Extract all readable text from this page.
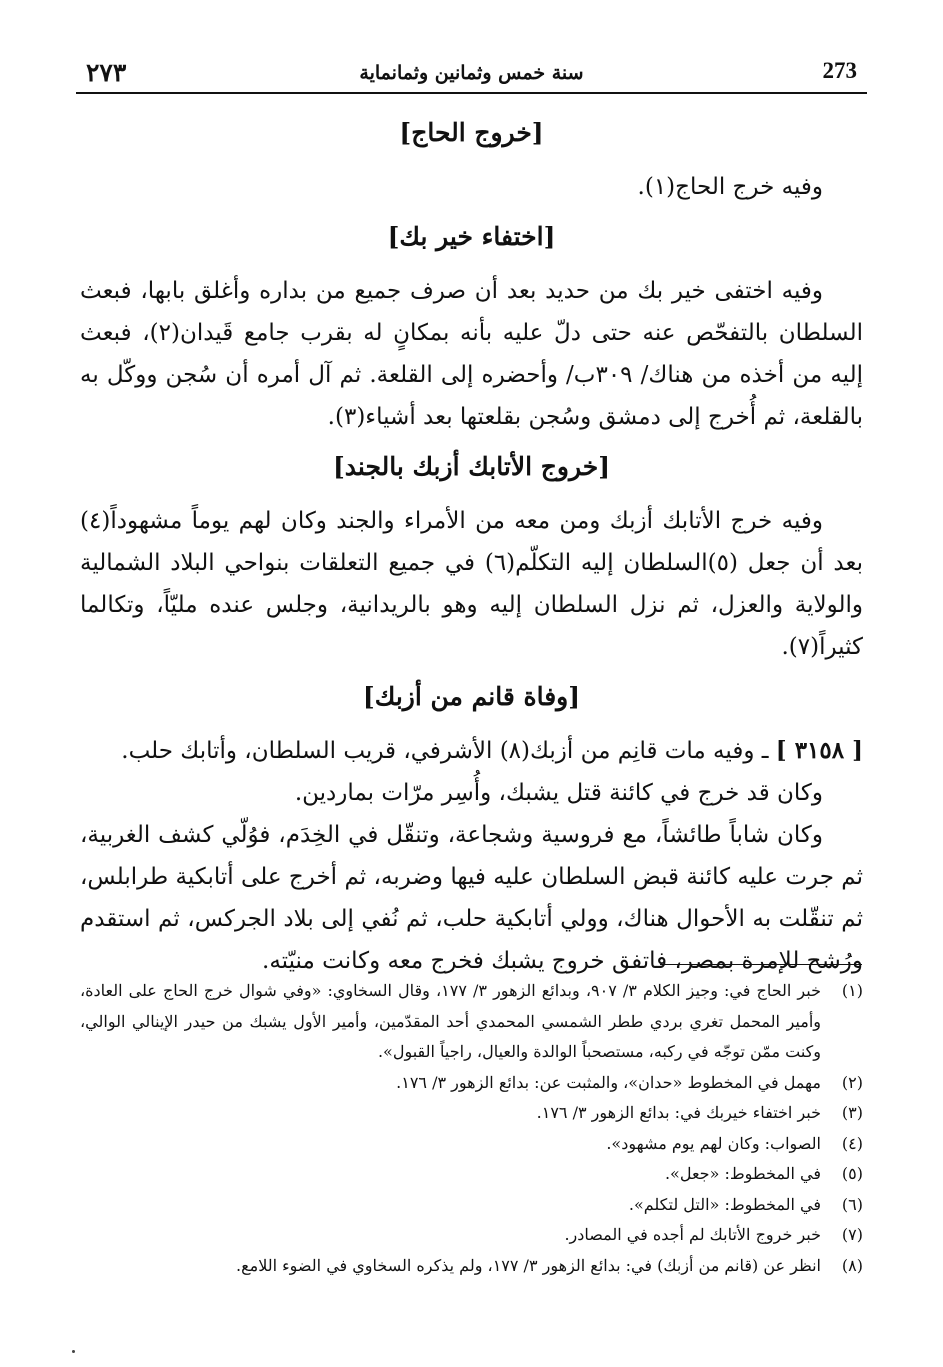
٢٧٣	سنة خمس وثمانين وثمانماية	273
[خروج الحاج]

وفيه خرج الحاج(١).

[اختفاء خير بك]

وفيه اختفى خير بك من حديد بعد أن صرف جميع من بداره وأغلق بابها، فبعث السلطان بالتفحّص عنه حتى دلّ عليه بأنه بمكانٍ له بقرب جامع قَيدان(٢)، فبعث إليه من أخذه من هناك/ ٣٠٩ب/ وأحضره إلى القلعة. ثم آل أمره أن سُجن ووكّل به بالقلعة، ثم أُخرج إلى دمشق وسُجن بقلعتها بعد أشياء(٣).

[خروج الأتابك أزبك بالجند]

وفيه خرج الأتابك أزبك ومن معه من الأمراء والجند وكان لهم يوماً مشهوداً(٤) بعد أن جعل (٥)السلطان إليه التكلّم(٦) في جميع التعلقات بنواحي البلاد الشمالية والولاية والعزل، ثم نزل السلطان إليه وهو بالريدانية، وجلس عنده مليّاً، وتكالما كثيراً(٧).

[وفاة قانم من أزبك]

[ ٣١٥٨ ] ـ وفيه مات قانِم من أزبك(٨) الأشرفي، قريب السلطان، وأتابك حلب.

وكان قد خرج في كائنة قتل يشبك، وأُسِر مرّات بماردين.

وكان شاباً طائشاً، مع فروسية وشجاعة، وتنقّل في الخِدَم، فوُلّي كشف الغربية، ثم جرت عليه كائنة قبض السلطان عليه فيها وضربه، ثم أخرج على أتابكية طرابلس، ثم تنقّلت به الأحوال هناك، وولي أتابكية حلب، ثم نُفي إلى بلاد الجركس، ثم استقدم ورُشح للإمرة بمصر، فاتفق خروج يشبك فخرج معه وكانت منيّته.

(١)
خبر الحاج في: وجيز الكلام ٣/ ٩٠٧، وبدائع الزهور ٣/ ١٧٧، وقال السخاوي: «وفي شوال خرج الحاج على العادة، وأمير المحمل تغري بردي ططر الشمسي المحمدي أحد المقدّمين، وأمير الأول يشبك من حيدر الإينالي الوالي، وكنت ممّن توجّه في ركبه، مستصحباً الوالدة والعيال، راجياً القبول».
(٢)
مهمل في المخطوط «حدان»، والمثبت عن: بدائع الزهور ٣/ ١٧٦.
(٣)
خبر اختفاء خيربك في: بدائع الزهور ٣/ ١٧٦.
(٤)
الصواب: وكان لهم يوم مشهود».
(٥)
في المخطوط: «جعل».
(٦)
في المخطوط: «التل لتكلم».
(٧)
خبر خروج الأتابك لم أجده في المصادر.
(٨)
انظر عن (قانم من أزبك) في: بدائع الزهور ٣/ ١٧٧، ولم يذكره السخاوي في الضوء اللامع.
